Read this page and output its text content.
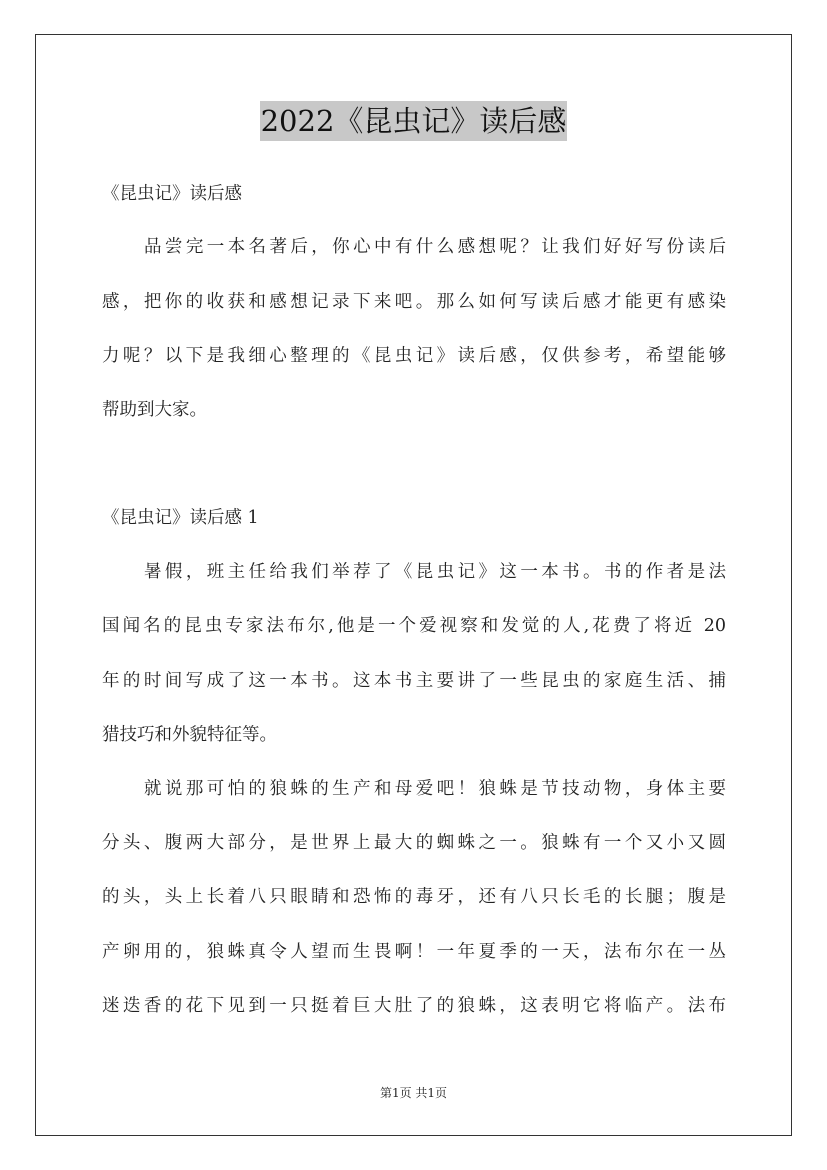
2022《昆虫记》读后感
《昆虫记》读后感
品尝完一本名著后，你心中有什么感想呢？让我们好好写份读后
感，把你的收获和感想记录下来吧。那么如何写读后感才能更有感染
力呢？以下是我细心整理的《昆虫记》读后感，仅供参考，希望能够
帮助到大家。
《昆虫记》读后感 1
暑假，班主任给我们举荐了《昆虫记》这一本书。书的作者是法
国闻名的昆虫专家法布尔,他是一个爱视察和发觉的人,花费了将近 20
年的时间写成了这一本书。这本书主要讲了一些昆虫的家庭生活、捕
猎技巧和外貌特征等。
就说那可怕的狼蛛的生产和母爱吧！狼蛛是节技动物，身体主要
分头、腹两大部分，是世界上最大的蜘蛛之一。狼蛛有一个又小又圆
的头，头上长着八只眼睛和恐怖的毒牙，还有八只长毛的长腿；腹是
产卵用的，狼蛛真令人望而生畏啊！一年夏季的一天，法布尔在一丛
迷迭香的花下见到一只挺着巨大肚了的狼蛛，这表明它将临产。法布
第1页 共1页
